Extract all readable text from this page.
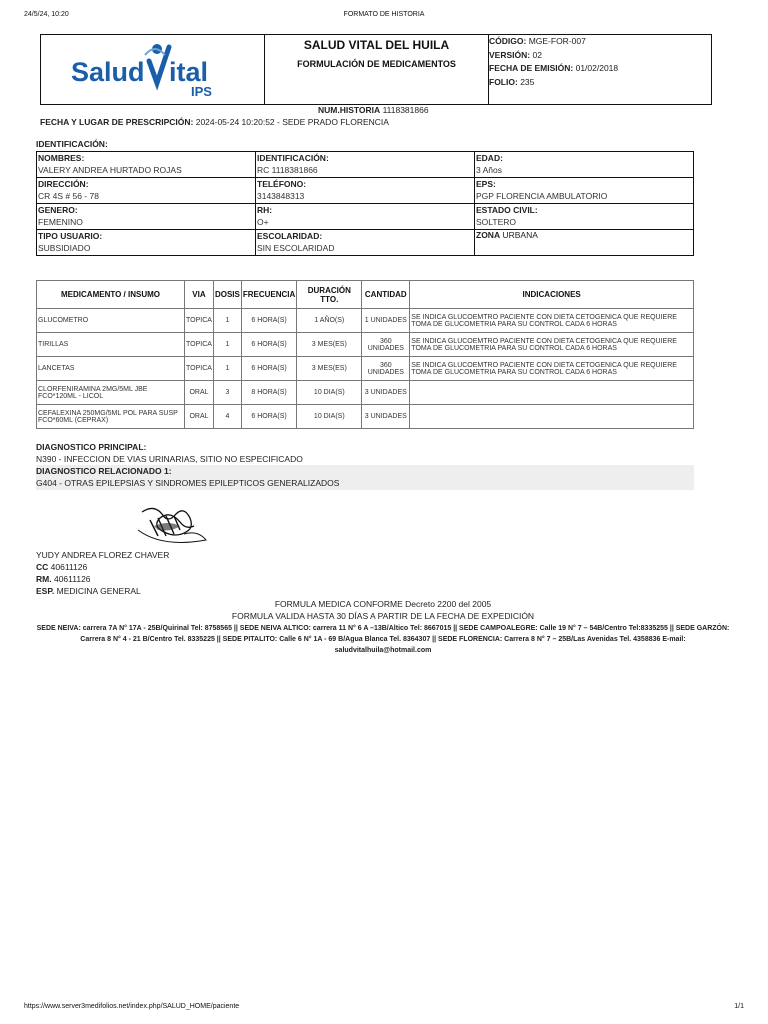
24/5/24, 10:20	FORMATO DE HISTORIA
Salud ital
IPS
SALUD VITAL DEL HUILA
FORMULACIÓN DE MEDICAMENTOS
CÓDIGO: MGE-FOR-007
VERSIÓN: 02
FECHA DE EMISIÓN: 01/02/2018
FOLIO: 235
NUM.HISTORIA 1118381866
FECHA Y LUGAR DE PRESCRIPCIÓN: 2024-05-24 10:20:52 - SEDE PRADO FLORENCIA
IDENTIFICACIÓN:
NOMBRES:
VALERY ANDREA HURTADO ROJAS	IDENTIFICACIÓN:
RC 1118381866	EDAD:
3 Años

DIRECCIÓN:
CR 4S # 56 - 78	TELÉFONO:
3143848313	EPS:
PGP FLORENCIA AMBULATORIO

GENERO:
FEMENINO	RH:
O+	ESTADO CIVIL:
SOLTERO

TIPO USUARIO:
SUBSIDIADO	ESCOLARIDAD:
SIN ESCOLARIDAD	ZONA URBANA
MEDICAMENTO / INSUMO	VIA	DOSIS	FRECUENCIA	DURACIÓN TTO.	CANTIDAD	INDICACIONES
GLUCOMETRO	TOPICA	1	6 HORA(S)	1 AÑO(S)	1 UNIDADES	SE INDICA GLUCOEMTRO PACIENTE CON DIETA CETOGENICA QUE REQUIERE TOMA DE GLUCOMETRIA PARA SU CONTROL CADA 6 HORAS
TIRILLAS	TOPICA	1	6 HORA(S)	3 MES(ES)	360 UNIDADES	SE INDICA GLUCOEMTRO PACIENTE CON DIETA CETOGENICA QUE REQUIERE TOMA DE GLUCOMETRIA PARA SU CONTROL CADA 6 HORAS
LANCETAS	TOPICA	1	6 HORA(S)	3 MES(ES)	360 UNIDADES	SE INDICA GLUCOEMTRO PACIENTE CON DIETA CETOGENICA QUE REQUIERE TOMA DE GLUCOMETRIA PARA SU CONTROL CADA 6 HORAS
CLORFENIRAMINA 2MG/5ML JBE FCO*120ML - LICOL	ORAL	3	8 HORA(S)	10 DIA(S)	3 UNIDADES	
CEFALEXINA 250MG/5ML POL PARA SUSP FCO*60ML (CEPRAX)	ORAL	4	6 HORA(S)	10 DIA(S)	3 UNIDADES	
DIAGNOSTICO PRINCIPAL:
N390 - INFECCION DE VIAS URINARIAS, SITIO NO ESPECIFICADO
DIAGNOSTICO RELACIONADO 1:
G404 - OTRAS EPILEPSIAS Y SINDROMES EPILEPTICOS GENERALIZADOS
YUDY ANDREA FLOREZ CHAVER
CC 40611126
RM. 40611126
ESP. MEDICINA GENERAL
FORMULA MEDICA CONFORME Decreto 2200 del 2005
FORMULA VALIDA HASTA 30 DÍAS A PARTIR DE LA FECHA DE EXPEDICIÓN
SEDE NEIVA: carrera 7A N° 17A - 25B/Quirinal Tel: 8758565 || SEDE NEIVA ALTICO: carrera 11 N° 6 A –13B/Altico Tel: 8667015 || SEDE CAMPOALEGRE: Calle 19 N° 7 – 54B/Centro Tel:8335255 || SEDE GARZÓN: Carrera 8 N° 4 - 21 B/Centro Tel. 8335225 || SEDE PITALITO: Calle 6 N° 1A - 69 B/Agua Blanca Tel. 8364307 || SEDE FLORENCIA: Carrera 8 N° 7 – 25B/Las Avenidas Tel. 4358836 E-mail: saludvitalhuila@hotmail.com
https://www.server3medifolios.net/index.php/SALUD_HOME/paciente	1/1
